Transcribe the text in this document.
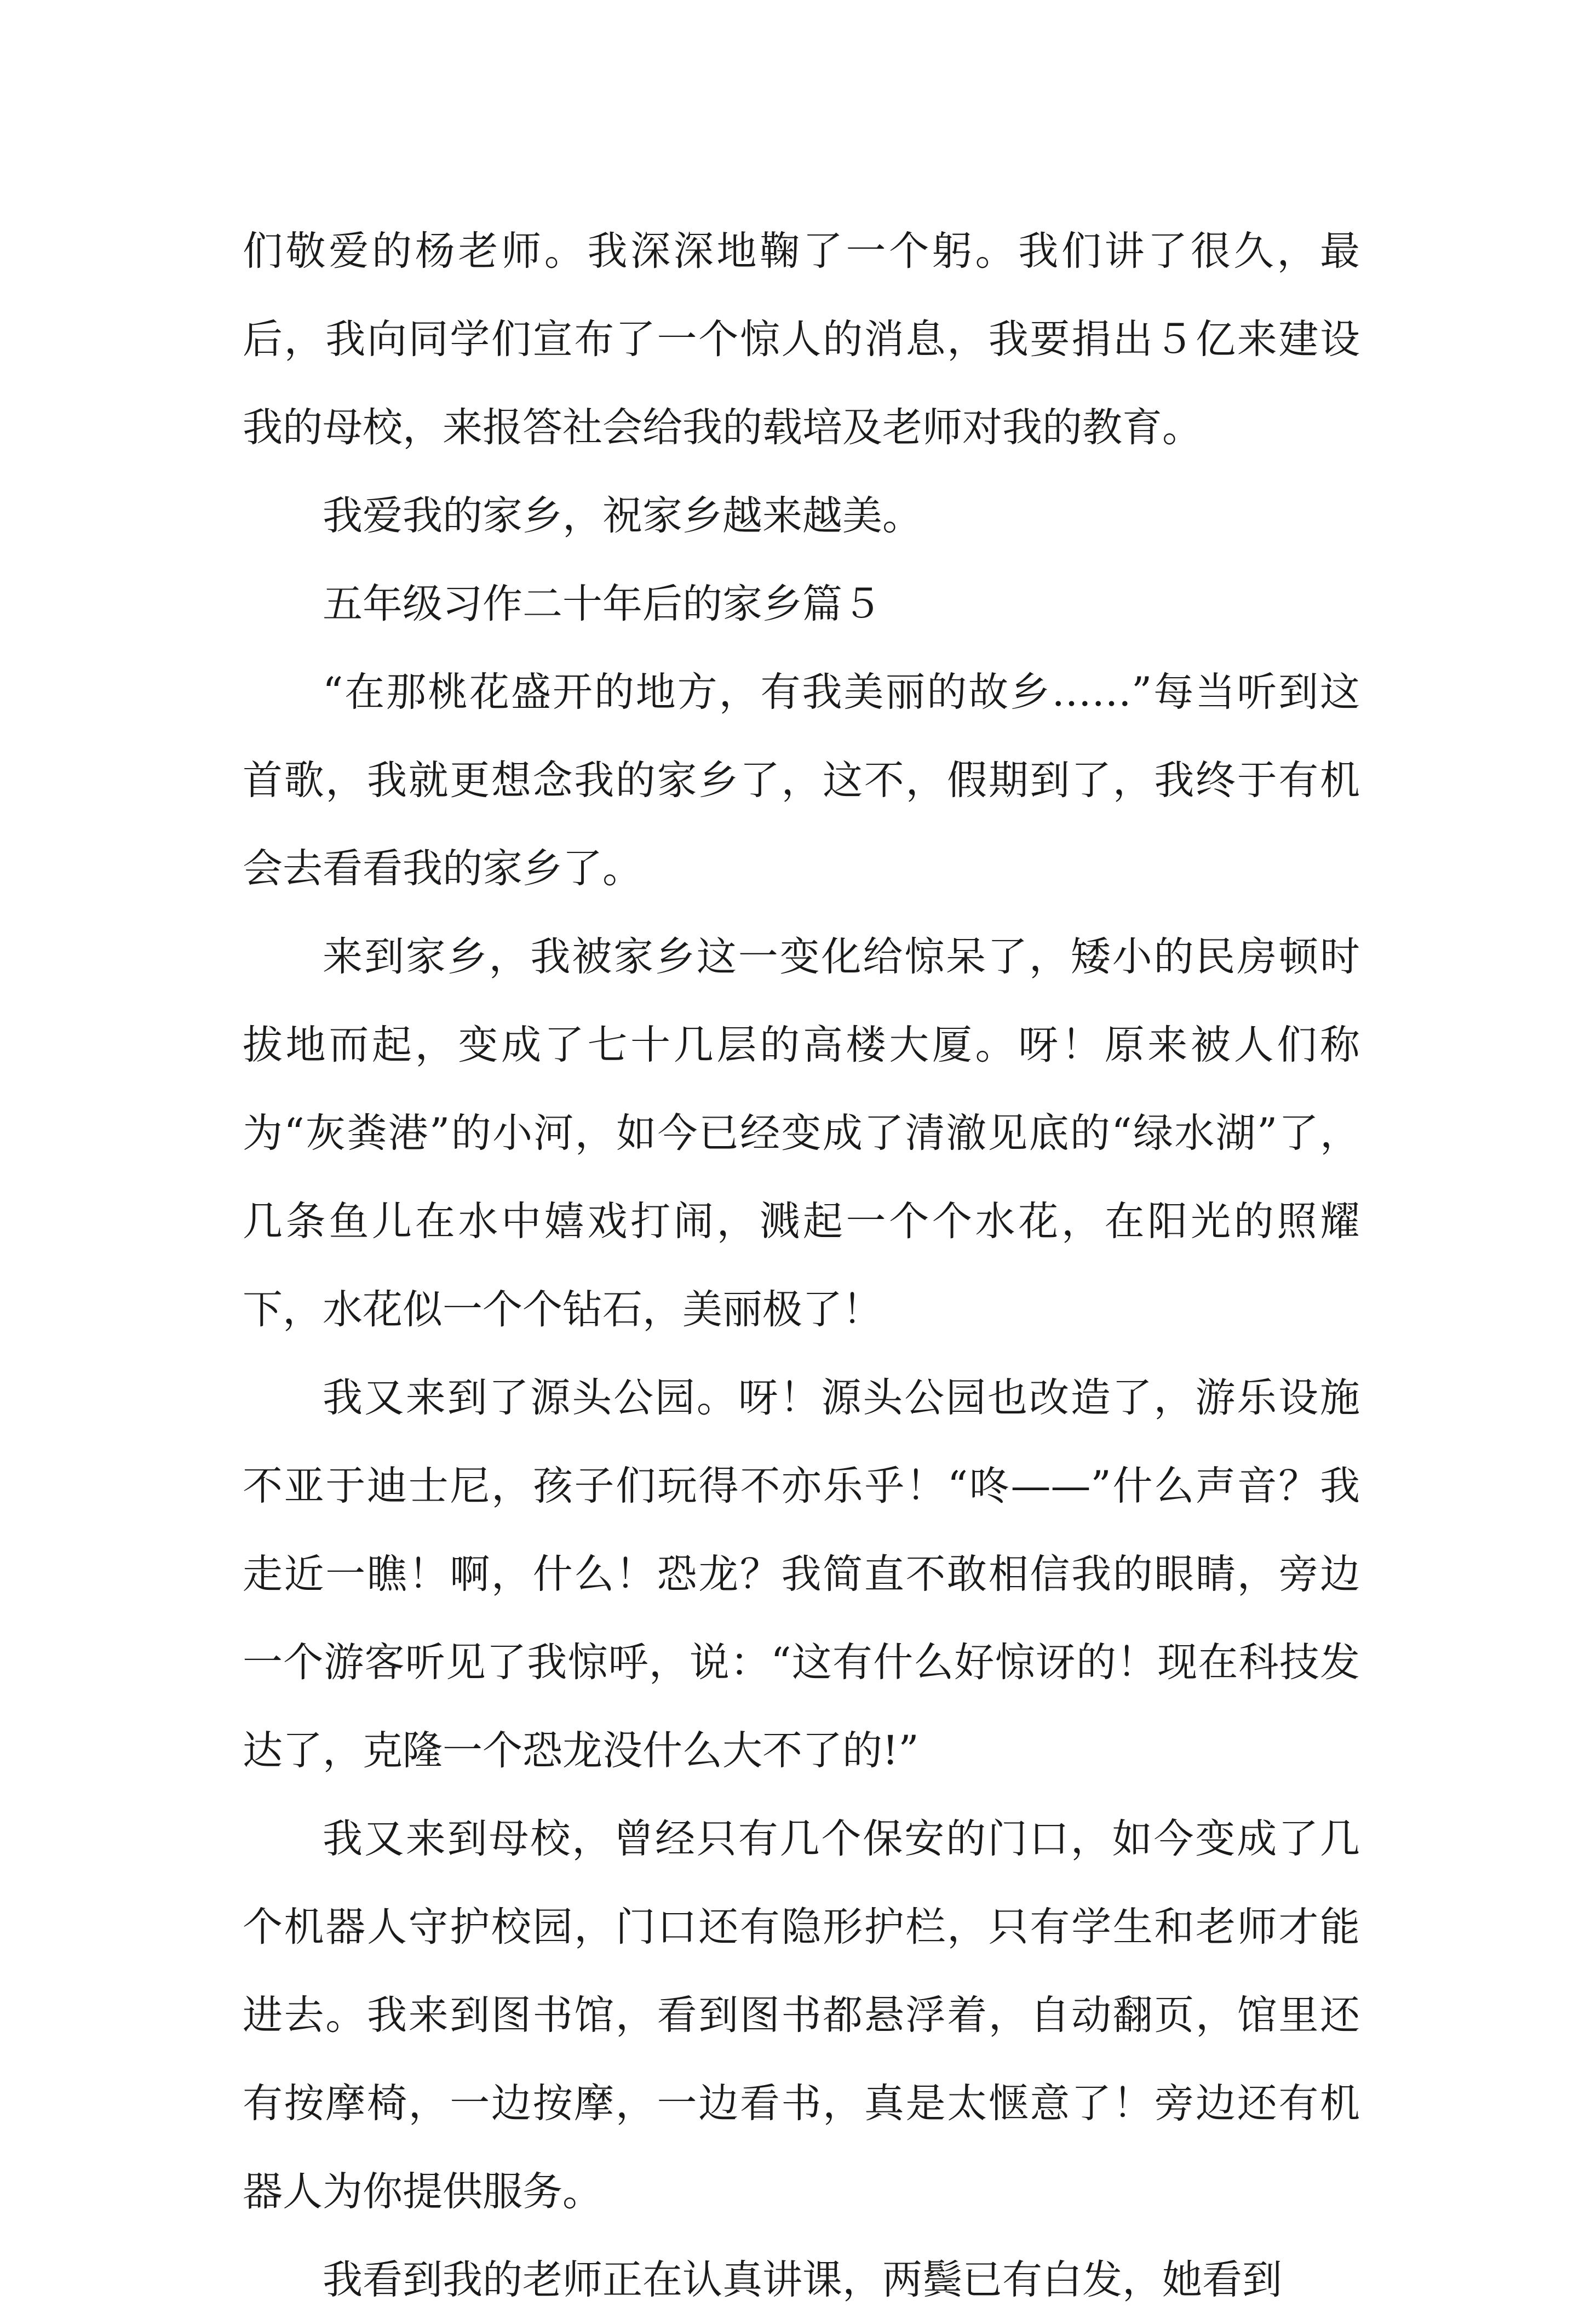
们敬爱的杨老师。我深深地鞠了一个躬。我们讲了很久，最后，我向同学们宣布了一个惊人的消息，我要捐出５亿来建设我的母校，来报答社会给我的载培及老师对我的教育。

我爱我的家乡，祝家乡越来越美。

五年级习作二十年后的家乡篇５

“在那桃花盛开的地方，有我美丽的故乡……”每当听到这首歌，我就更想念我的家乡了，这不，假期到了，我终于有机会去看看我的家乡了。

来到家乡，我被家乡这一变化给惊呆了，矮小的民房顿时拔地而起，变成了七十几层的高楼大厦。呀！原来被人们称为“灰粪港”的小河，如今已经变成了清澈见底的“绿水湖”了，几条鱼儿在水中嬉戏打闹，溅起一个个水花，在阳光的照耀下，水花似一个个钻石，美丽极了！

我又来到了源头公园。呀！源头公园也改造了，游乐设施不亚于迪士尼，孩子们玩得不亦乐乎！“咚——”什么声音？我走近一瞧！啊，什么！恐龙？我简直不敢相信我的眼睛，旁边一个游客听见了我惊呼，说：“这有什么好惊讶的！现在科技发达了，克隆一个恐龙没什么大不了的!”

我又来到母校，曾经只有几个保安的门口，如今变成了几个机器人守护校园，门口还有隐形护栏，只有学生和老师才能进去。我来到图书馆，看到图书都悬浮着，自动翻页，馆里还有按摩椅，一边按摩，一边看书，真是太惬意了！旁边还有机器人为你提供服务。

我看到我的老师正在认真讲课，两鬓已有白发，她看到
